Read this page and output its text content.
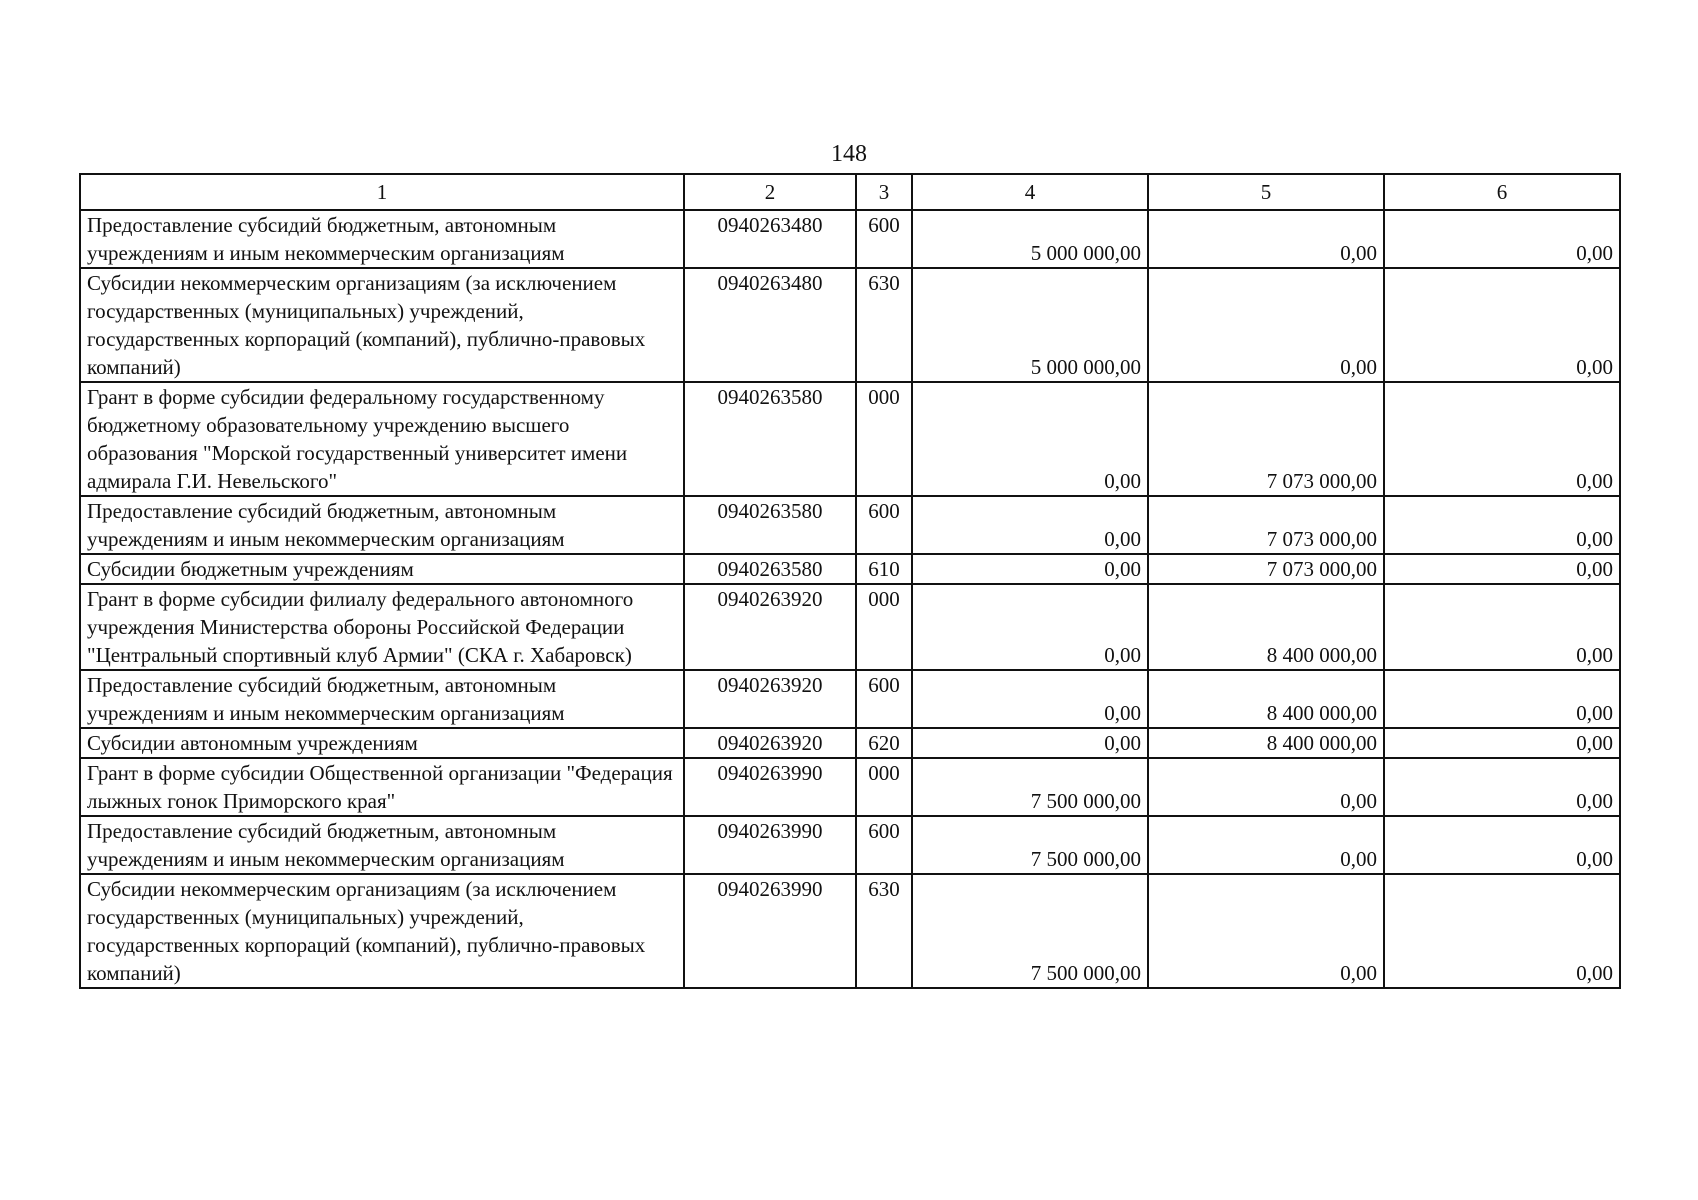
148
1	2	3	4	5	6
Предоставление субсидий бюджетным, автономным учреждениям и иным некоммерческим организациям	0940263480	600	5 000 000,00	0,00	0,00
Субсидии некоммерческим организациям (за исключением государственных (муниципальных) учреждений, государственных корпораций (компаний), публично-правовых компаний)	0940263480	630	5 000 000,00	0,00	0,00
Грант в форме субсидии федеральному государственному бюджетному образовательному учреждению высшего образования "Морской государственный университет имени адмирала Г.И. Невельского"	0940263580	000	0,00	7 073 000,00	0,00
Предоставление субсидий бюджетным, автономным учреждениям и иным некоммерческим организациям	0940263580	600	0,00	7 073 000,00	0,00
Субсидии бюджетным учреждениям	0940263580	610	0,00	7 073 000,00	0,00
Грант в форме субсидии филиалу федерального автономного учреждения Министерства обороны Российской Федерации "Центральный спортивный клуб Армии" (СКА г. Хабаровск)	0940263920	000	0,00	8 400 000,00	0,00
Предоставление субсидий бюджетным, автономным учреждениям и иным некоммерческим организациям	0940263920	600	0,00	8 400 000,00	0,00
Субсидии автономным учреждениям	0940263920	620	0,00	8 400 000,00	0,00
Грант в форме субсидии Общественной организации "Федерация лыжных гонок Приморского края"	0940263990	000	7 500 000,00	0,00	0,00
Предоставление субсидий бюджетным, автономным учреждениям и иным некоммерческим организациям	0940263990	600	7 500 000,00	0,00	0,00
Субсидии некоммерческим организациям (за исключением государственных (муниципальных) учреждений, государственных корпораций (компаний), публично-правовых компаний)	0940263990	630	7 500 000,00	0,00	0,00
